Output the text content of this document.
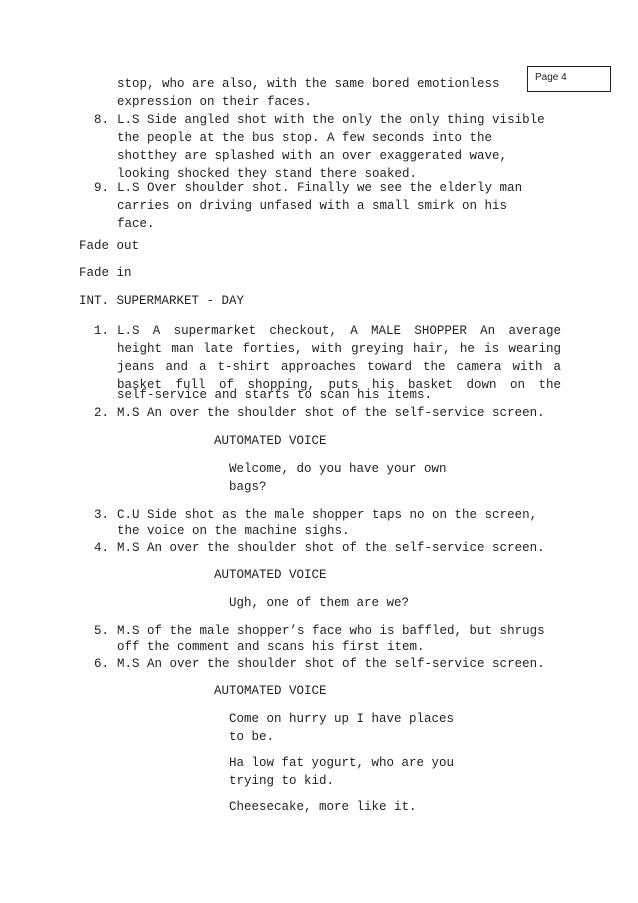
Page 4
stop, who are also, with the same bored emotionless
expression on their faces.
8. L.S Side angled shot with the only the only thing visible
the people at the bus stop. A few seconds into the
shotthey are splashed with an over exaggerated wave,
looking shocked they stand there soaked.
9. L.S Over shoulder shot. Finally we see the elderly man
carries on driving unfased with a small smirk on his
face.
Fade out
Fade in
INT. SUPERMARKET - DAY
1. L.S A supermarket checkout, A MALE SHOPPER An average
height man late forties, with greying hair, he is wearing
jeans and a t-shirt approaches toward the camera with a
basket full of shopping, puts his basket down on the
self-service and starts to scan his items.
2. M.S An over the shoulder shot of the self-service screen.
AUTOMATED VOICE
Welcome, do you have your own
bags?
3. C.U Side shot as the male shopper taps no on the screen,
the voice on the machine sighs.
4. M.S An over the shoulder shot of the self-service screen.
AUTOMATED VOICE
Ugh, one of them are we?
5. M.S of the male shopper’s face who is baffled, but shrugs
off the comment and scans his first item.
6. M.S An over the shoulder shot of the self-service screen.
AUTOMATED VOICE
Come on hurry up I have places
to be.
Ha low fat yogurt, who are you
trying to kid.
Cheesecake, more like it.
